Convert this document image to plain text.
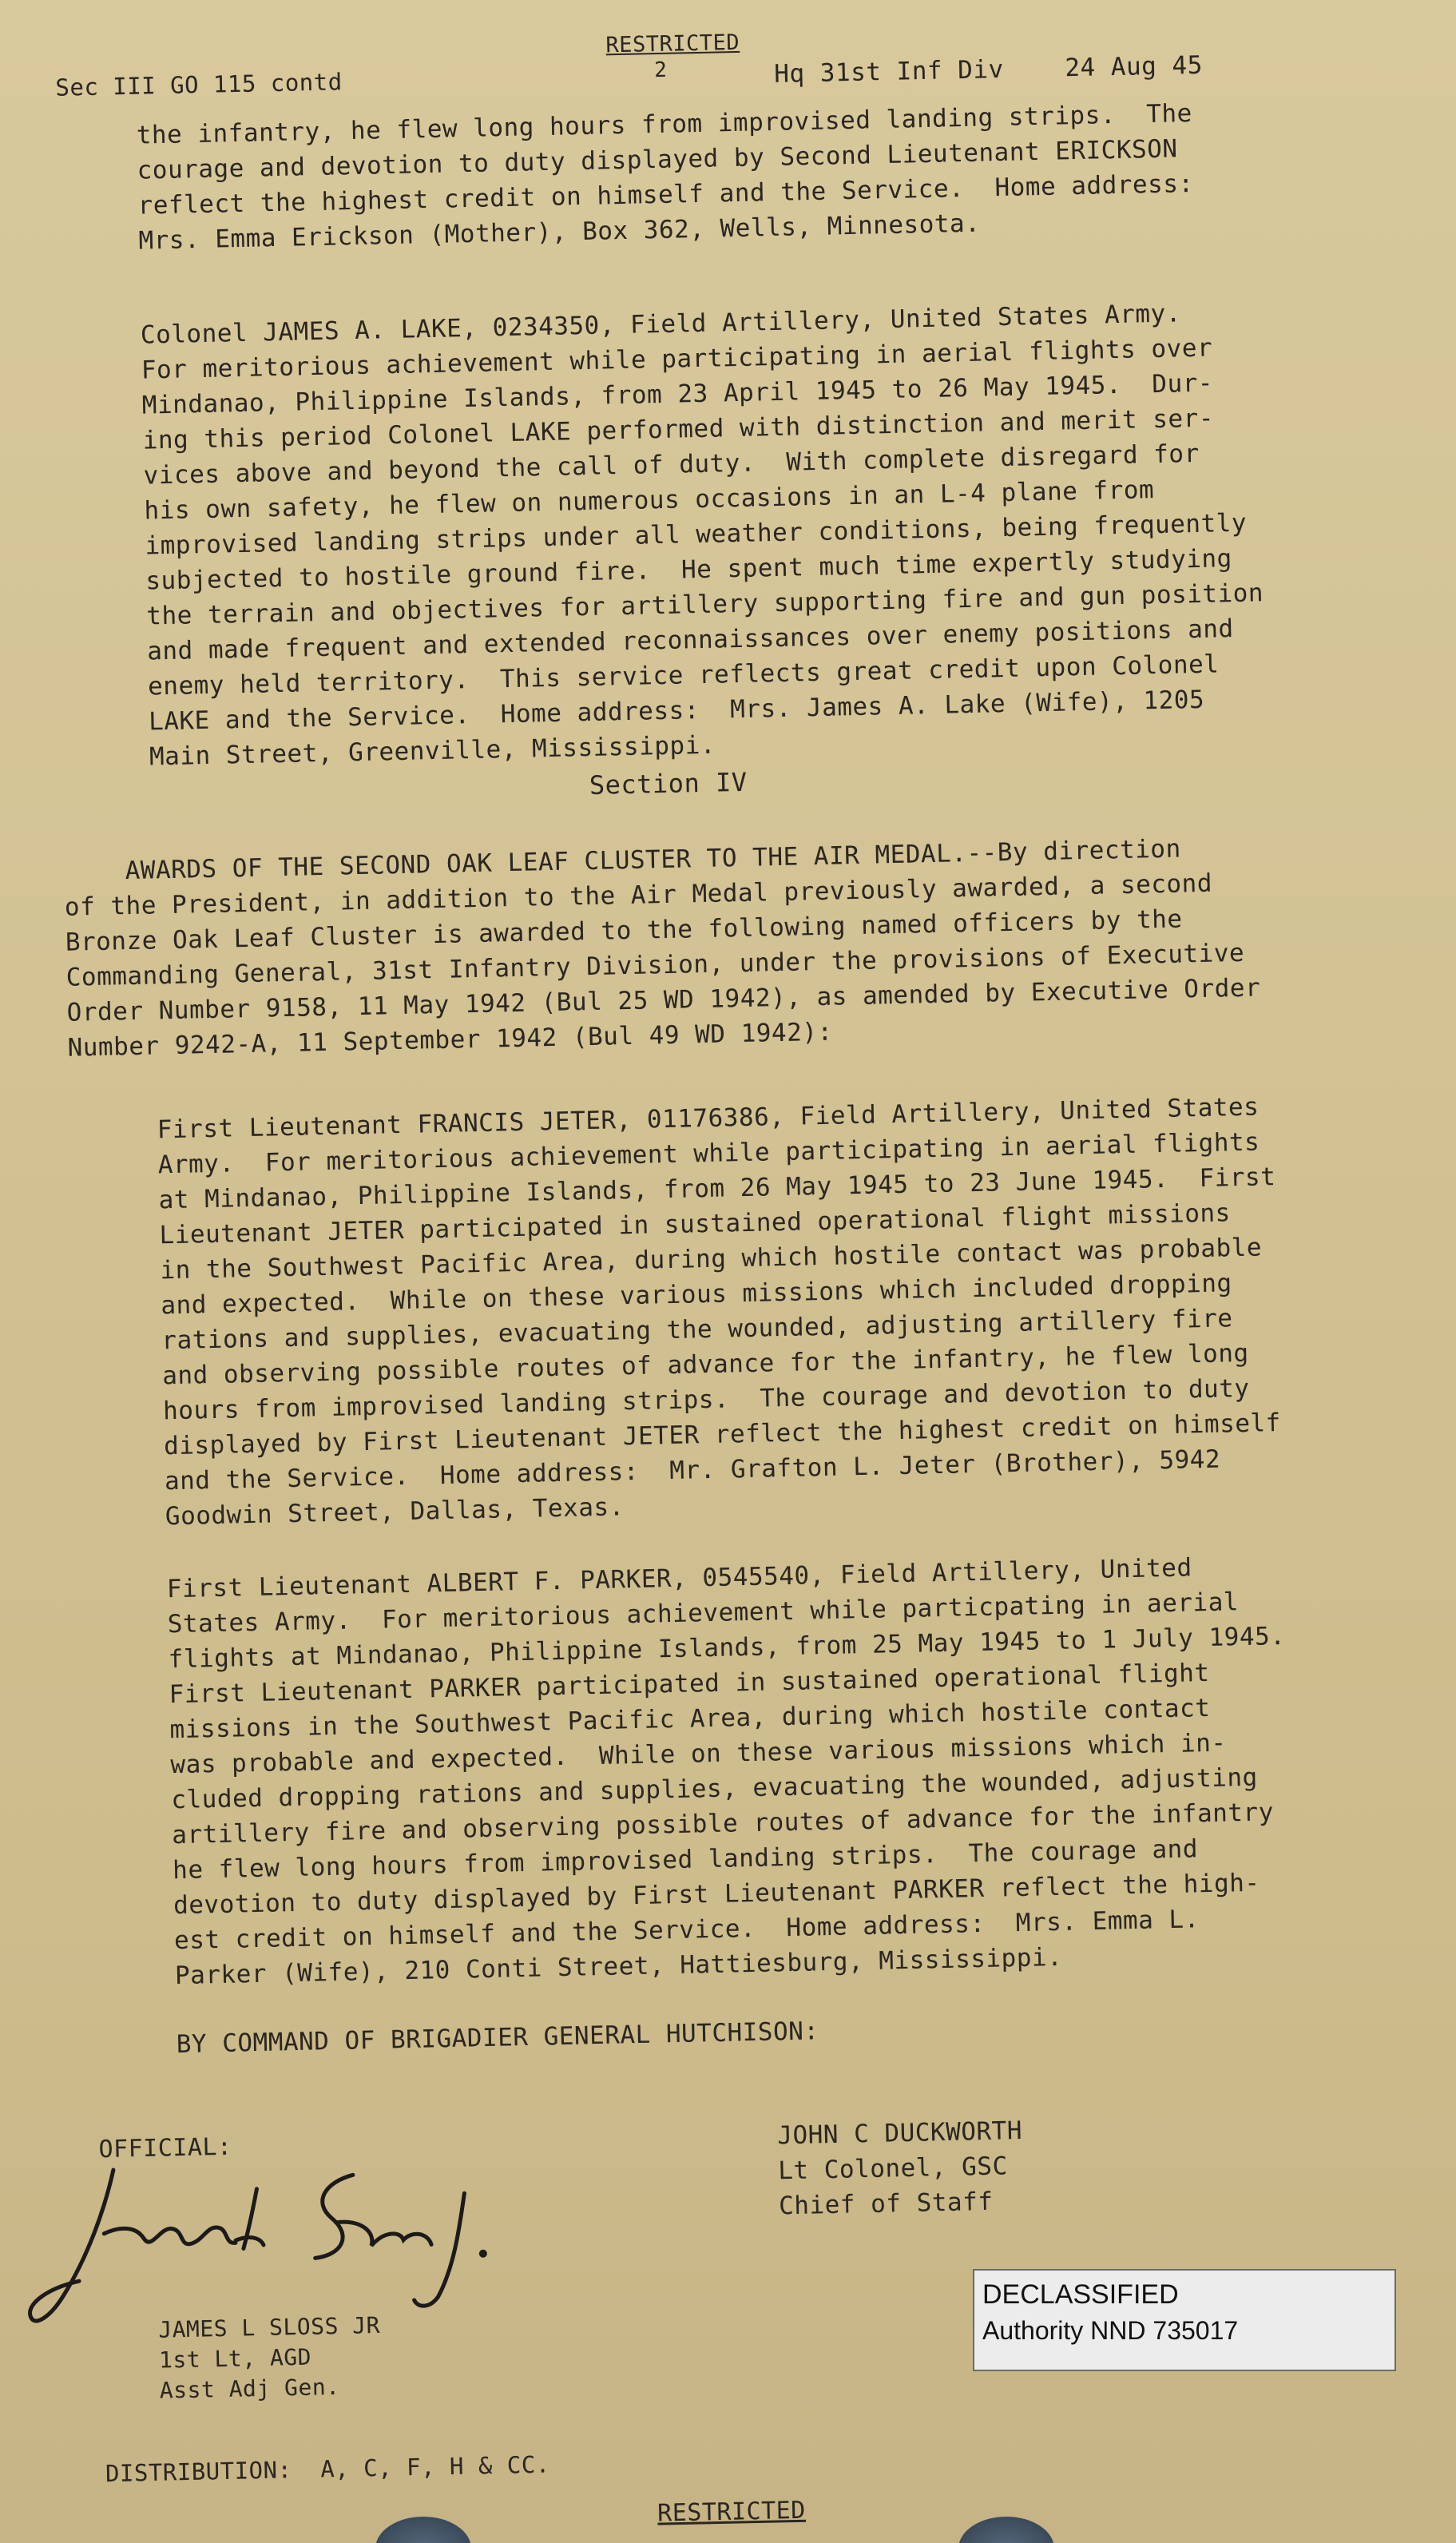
Sec III GO 115 contd
RESTRICTED
2	Hq 31st Inf Div 24 Aug 45
the infantry, he flew long hours from improvised landing strips.  The
courage and devotion to duty displayed by Second Lieutenant ERICKSON
reflect the highest credit on himself and the Service.  Home address:
Mrs. Emma Erickson (Mother), Box 362, Wells, Minnesota.
Colonel JAMES A. LAKE, 0234350, Field Artillery, United States Army.
For meritorious achievement while participating in aerial flights over
Mindanao, Philippine Islands, from 23 April 1945 to 26 May 1945.  Dur-
ing this period Colonel LAKE performed with distinction and merit ser-
vices above and beyond the call of duty.  With complete disregard for
his own safety, he flew on numerous occasions in an L-4 plane from
improvised landing strips under all weather conditions, being frequently
subjected to hostile ground fire.  He spent much time expertly studying
the terrain and objectives for artillery supporting fire and gun position
and made frequent and extended reconnaissances over enemy positions and
enemy held territory.  This service reflects great credit upon Colonel
LAKE and the Service.  Home address:  Mrs. James A. Lake (Wife), 1205
Main Street, Greenville, Mississippi.
Section IV
AWARDS OF THE SECOND OAK LEAF CLUSTER TO THE AIR MEDAL.--By direction
of the President, in addition to the Air Medal previously awarded, a second
Bronze Oak Leaf Cluster is awarded to the following named officers by the
Commanding General, 31st Infantry Division, under the provisions of Executive
Order Number 9158, 11 May 1942 (Bul 25 WD 1942), as amended by Executive Order
Number 9242-A, 11 September 1942 (Bul 49 WD 1942):
First Lieutenant FRANCIS JETER, 01176386, Field Artillery, United States
Army.  For meritorious achievement while participating in aerial flights
at Mindanao, Philippine Islands, from 26 May 1945 to 23 June 1945.  First
Lieutenant JETER participated in sustained operational flight missions
in the Southwest Pacific Area, during which hostile contact was probable
and expected.  While on these various missions which included dropping
rations and supplies, evacuating the wounded, adjusting artillery fire
and observing possible routes of advance for the infantry, he flew long
hours from improvised landing strips.  The courage and devotion to duty
displayed by First Lieutenant JETER reflect the highest credit on himself
and the Service.  Home address:  Mr. Grafton L. Jeter (Brother), 5942
Goodwin Street, Dallas, Texas.
First Lieutenant ALBERT F. PARKER, 0545540, Field Artillery, United
States Army.  For meritorious achievement while particpating in aerial
flights at Mindanao, Philippine Islands, from 25 May 1945 to 1 July 1945.
First Lieutenant PARKER participated in sustained operational flight
missions in the Southwest Pacific Area, during which hostile contact
was probable and expected.  While on these various missions which in-
cluded dropping rations and supplies, evacuating the wounded, adjusting
artillery fire and observing possible routes of advance for the infantry
he flew long hours from improvised landing strips.  The courage and
devotion to duty displayed by First Lieutenant PARKER reflect the high-
est credit on himself and the Service.  Home address:  Mrs. Emma L.
Parker (Wife), 210 Conti Street, Hattiesburg, Mississippi.
BY COMMAND OF BRIGADIER GENERAL HUTCHISON:
OFFICIAL:	JOHN C DUCKWORTH
Lt Colonel, GSC
Chief of Staff
JAMES L SLOSS JR
1st Lt, AGD
Asst Adj Gen.
DISTRIBUTION:  A, C, F, H & CC.
RESTRICTED
DECLASSIFIED
Authority NND 735017
